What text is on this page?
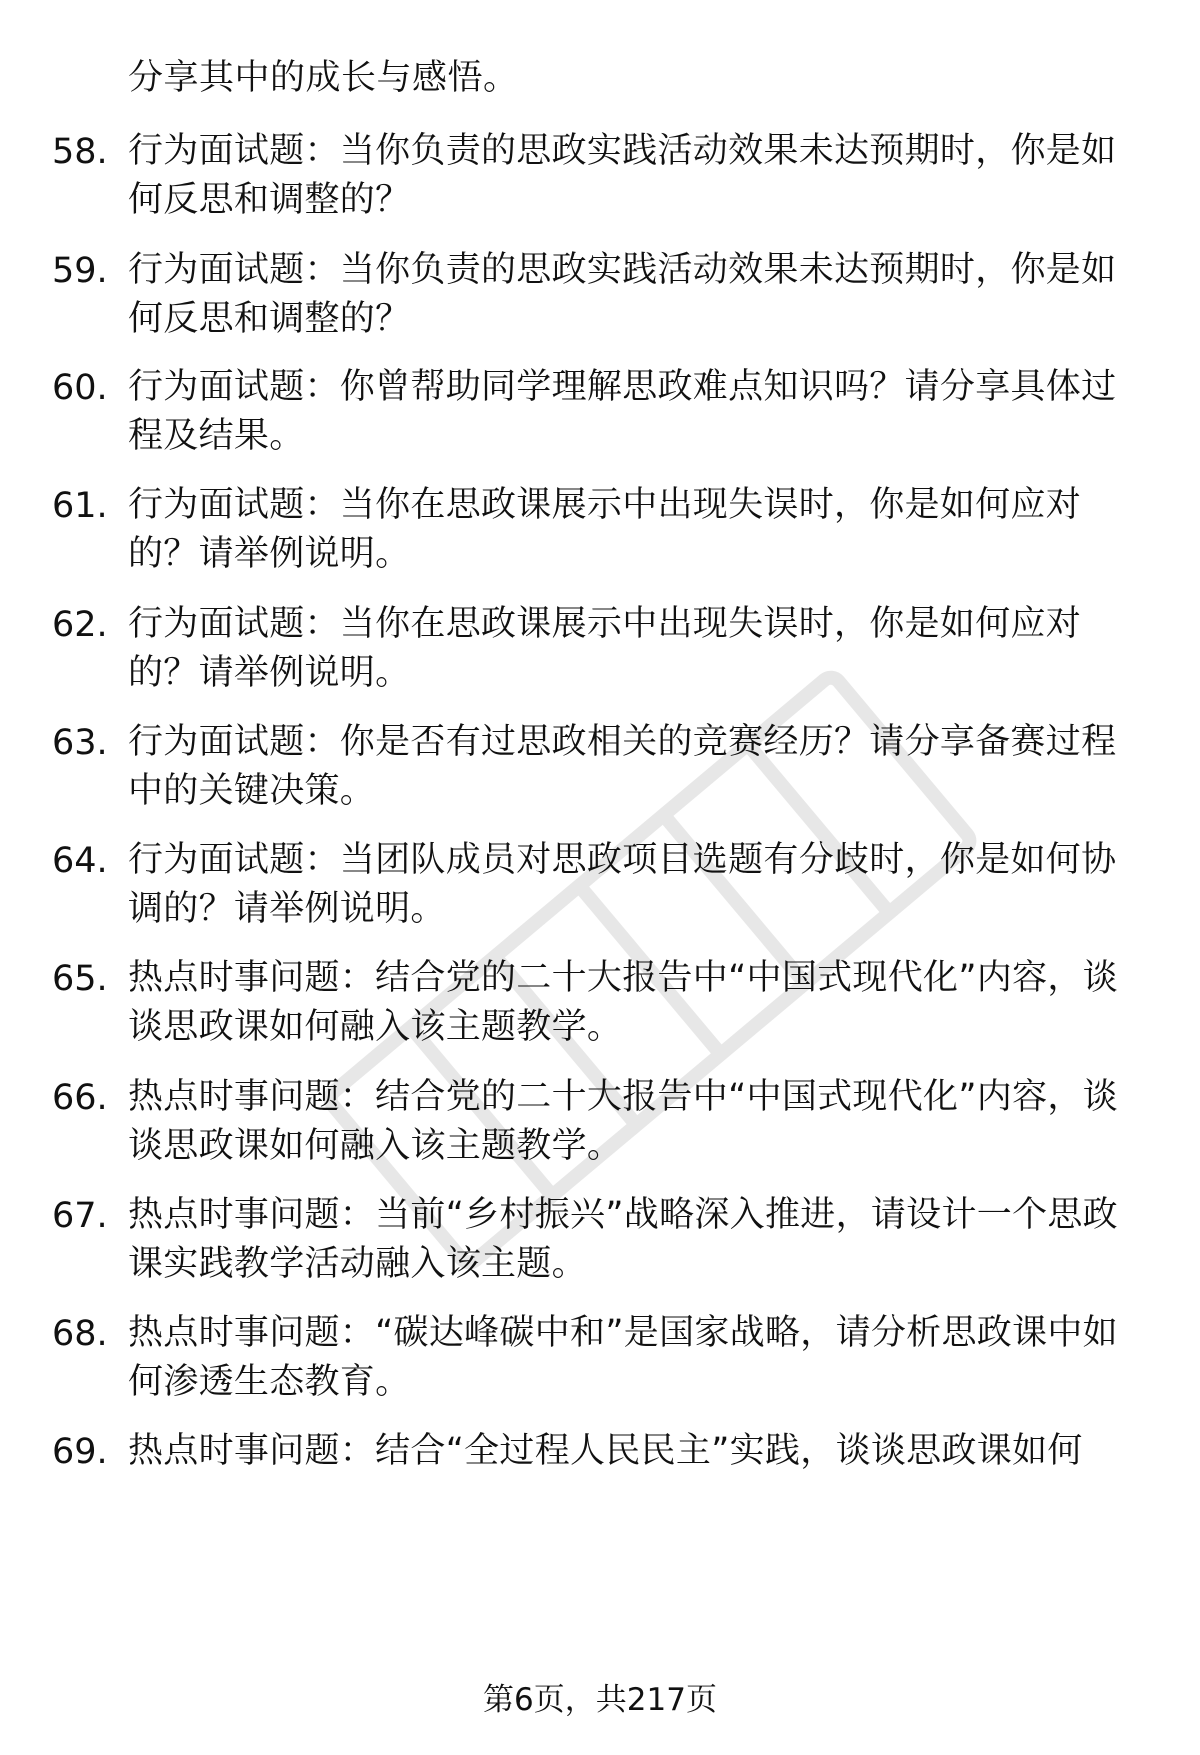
分享其中的成长与感悟。
58. 行为面试题：当你负责的思政实践活动效果未达预期时，你是如何反思和调整的？
59. 行为面试题：当你负责的思政实践活动效果未达预期时，你是如何反思和调整的？
60. 行为面试题：你曾帮助同学理解思政难点知识吗？请分享具体过程及结果。
61. 行为面试题：当你在思政课展示中出现失误时，你是如何应对的？请举例说明。
62. 行为面试题：当你在思政课展示中出现失误时，你是如何应对的？请举例说明。
63. 行为面试题：你是否有过思政相关的竞赛经历？请分享备赛过程中的关键决策。
64. 行为面试题：当团队成员对思政项目选题有分歧时，你是如何协调的？请举例说明。
65. 热点时事问题：结合党的二十大报告中“中国式现代化”内容，谈谈思政课如何融入该主题教学。
66. 热点时事问题：结合党的二十大报告中“中国式现代化”内容，谈谈思政课如何融入该主题教学。
67. 热点时事问题：当前“乡村振兴”战略深入推进，请设计一个思政课实践教学活动融入该主题。
68. 热点时事问题：“碳达峰碳中和”是国家战略，请分析思政课中如何渗透生态教育。
69. 热点时事问题：结合“全过程人民民主”实践，谈谈思政课如何
第6页，共217页
